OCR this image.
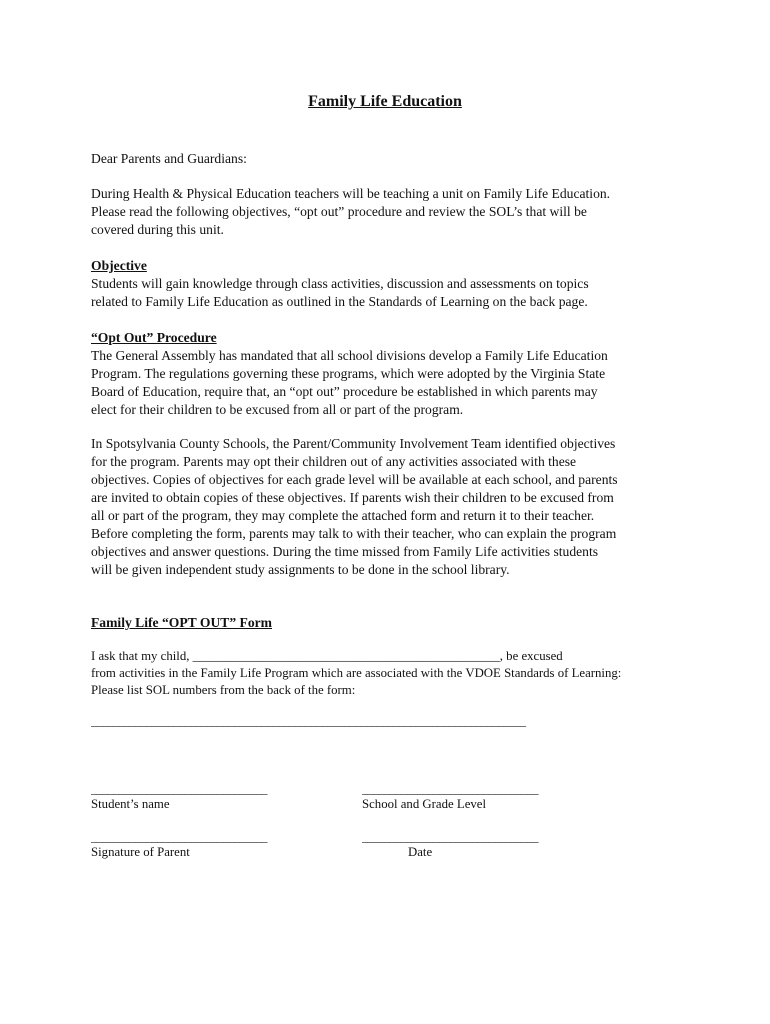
Family Life Education
Dear Parents and Guardians:
During Health & Physical Education teachers will be teaching a unit on Family Life Education.
Please read the following objectives, “opt out” procedure and review the SOL’s that will be
covered during this unit.
Objective
Students will gain knowledge through class activities, discussion and assessments on topics
related to Family Life Education as outlined in the Standards of Learning on the back page.
“Opt Out” Procedure
The General Assembly has mandated that all school divisions develop a Family Life Education
Program. The regulations governing these programs, which were adopted by the Virginia State
Board of Education, require that, an “opt out” procedure be established in which parents may
elect for their children to be excused from all or part of the program.
In Spotsylvania County Schools, the Parent/Community Involvement Team identified objectives
for the program. Parents may opt their children out of any activities associated with these
objectives. Copies of objectives for each grade level will be available at each school, and parents
are invited to obtain copies of these objectives. If parents wish their children to be excused from
all or part of the program, they may complete the attached form and return it to their teacher.
Before completing the form, parents may talk to with their teacher, who can explain the program
objectives and answer questions. During the time missed from Family Life activities students
will be given independent study assignments to be done in the school library.
Family Life “OPT OUT” Form
I ask that my child, ________________________________________________, be excused
from activities in the Family Life Program which are associated with the VDOE Standards of Learning:
Please list SOL numbers from the back of the form:
_______________________________________________________________________________
________________________________	________________________________
Student’s name	School and Grade Level
________________________________	________________________________
Signature of Parent	Date
